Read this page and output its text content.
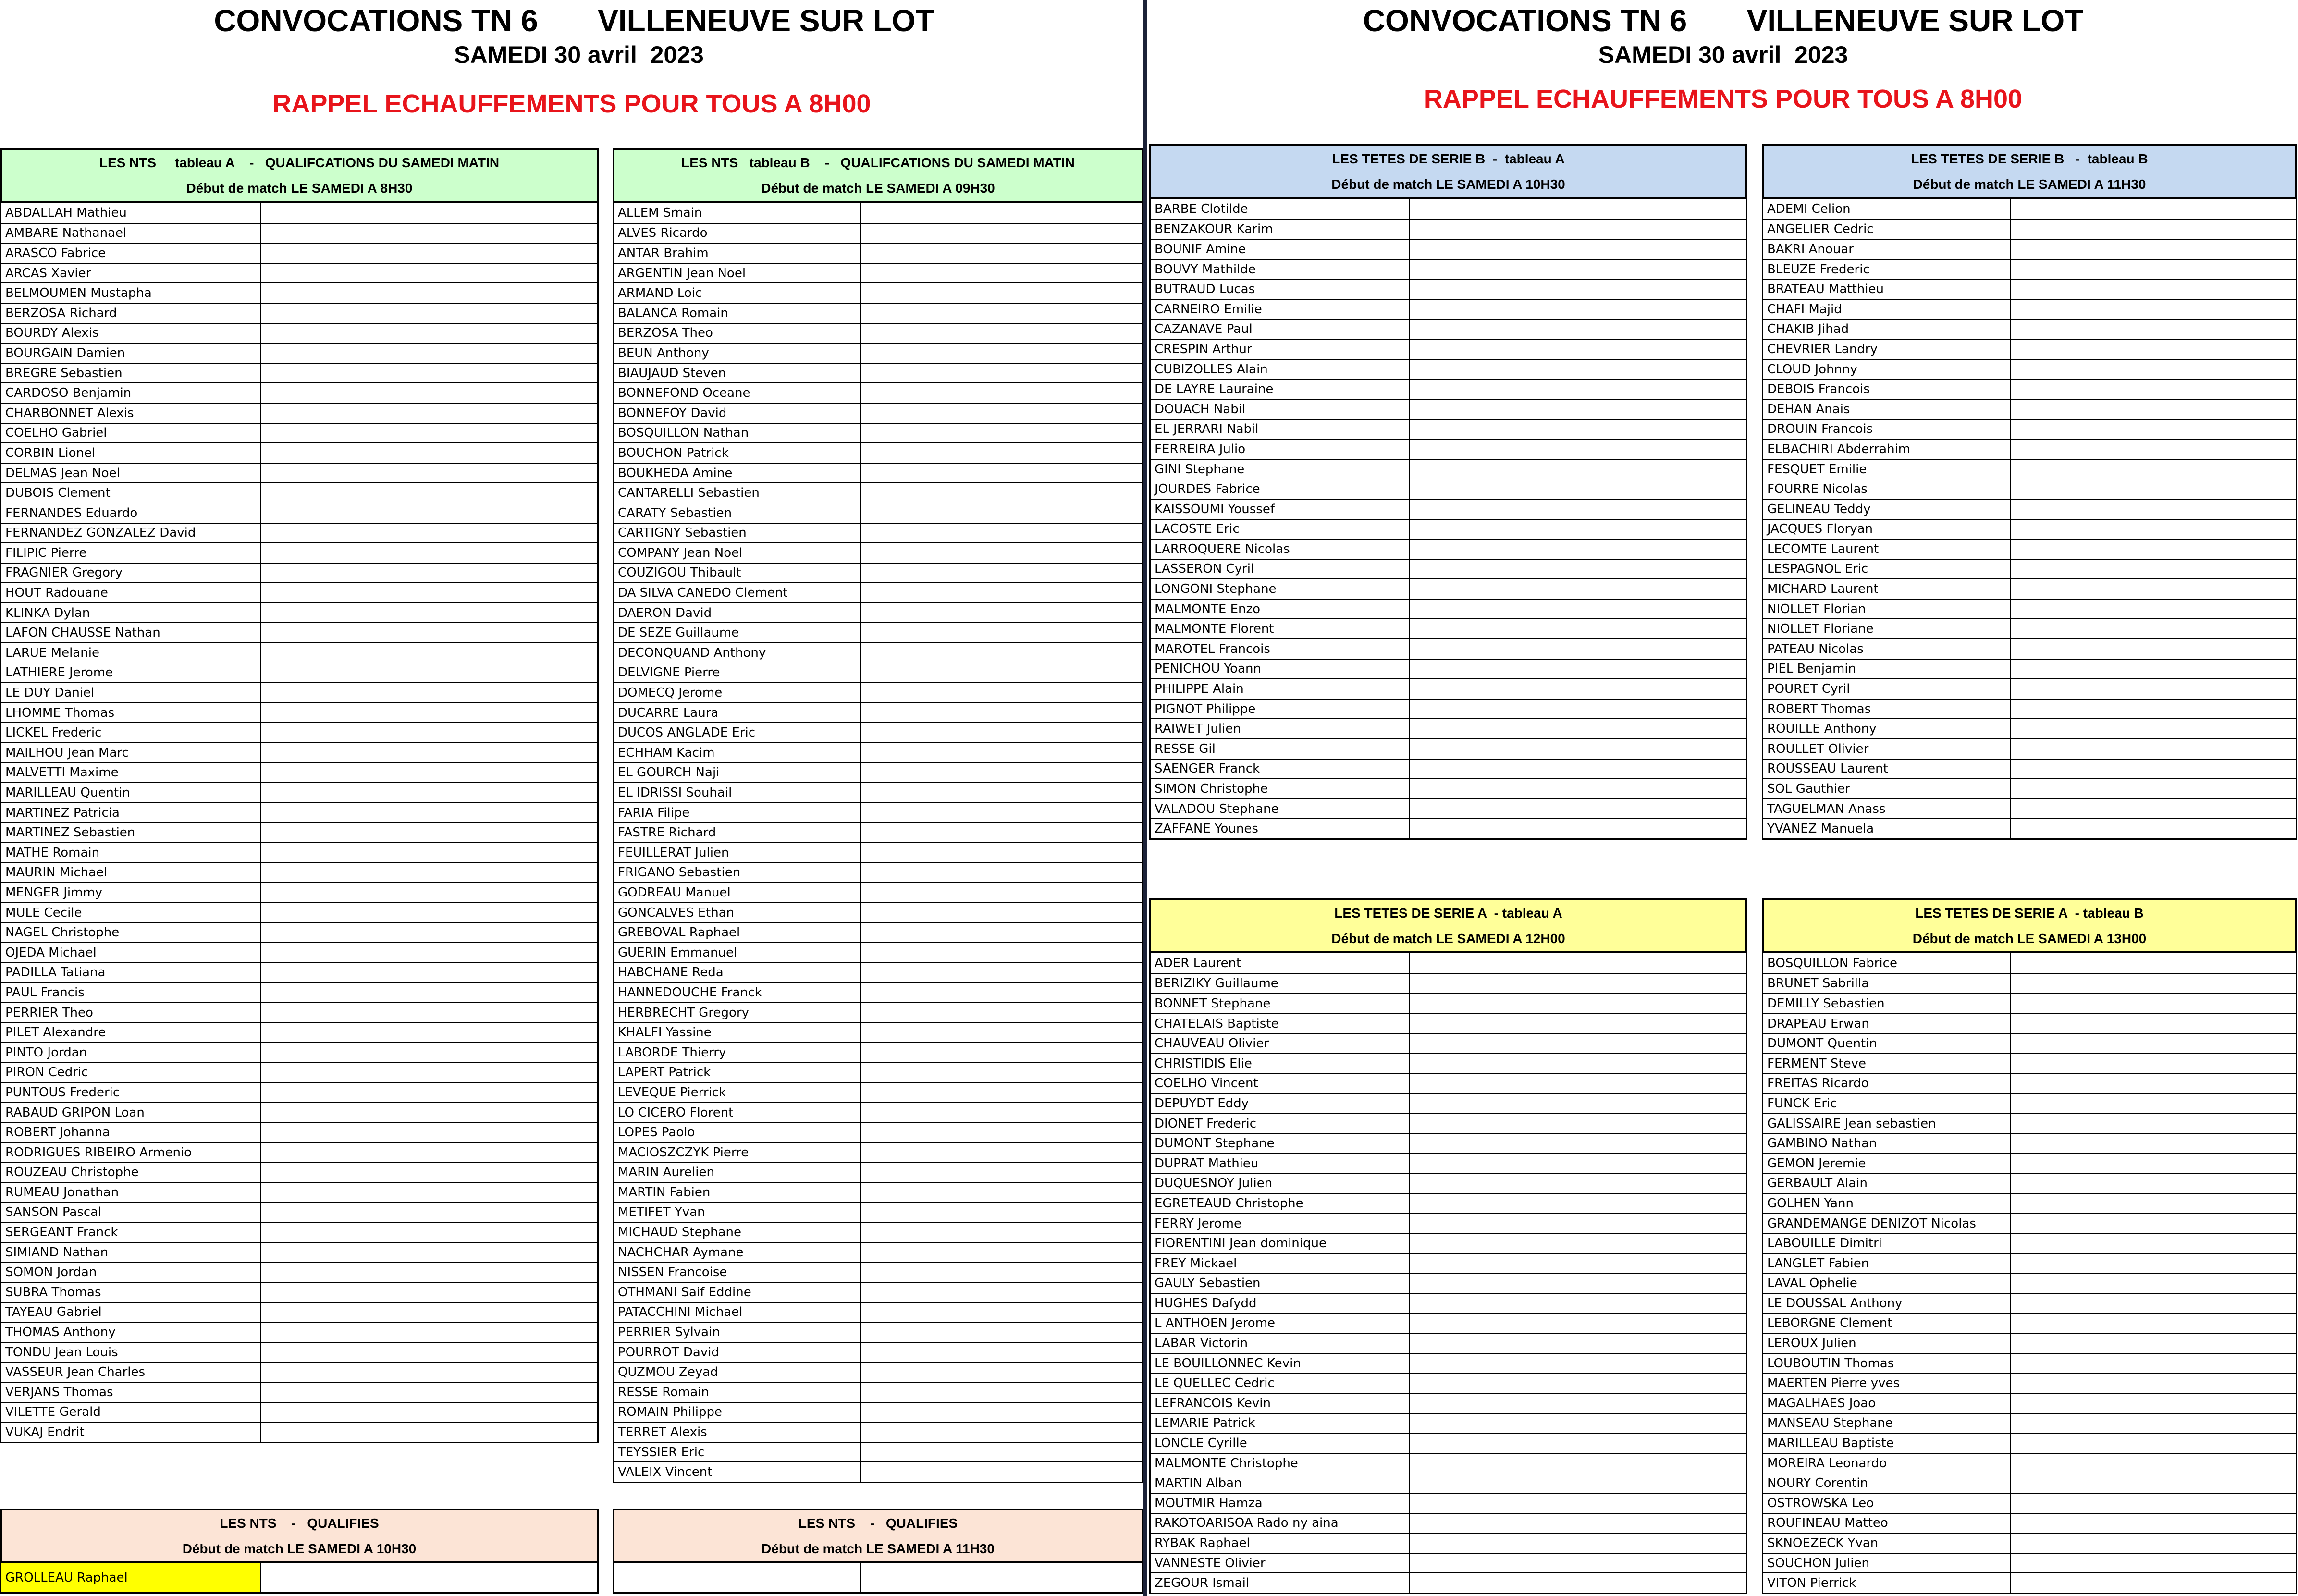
CONVOCATIONS TN 6       VILLENEUVE SUR LOT
SAMEDI 30 avril  2023
RAPPEL ECHAUFFEMENTS POUR TOUS A 8H00
CONVOCATIONS TN 6       VILLENEUVE SUR LOT
SAMEDI 30 avril  2023
RAPPEL ECHAUFFEMENTS POUR TOUS A 8H00
LES NTS     tableau A    -   QUALIFCATIONS DU SAMEDI MATIN
Début de match LE SAMEDI A 8H30
ABDALLAH Mathieu
AMBARE Nathanael
ARASCO Fabrice
ARCAS Xavier
BELMOUMEN Mustapha
BERZOSA Richard
BOURDY Alexis
BOURGAIN Damien
BREGRE Sebastien
CARDOSO Benjamin
CHARBONNET Alexis
COELHO Gabriel
CORBIN Lionel
DELMAS Jean Noel
DUBOIS Clement
FERNANDES Eduardo
FERNANDEZ GONZALEZ David
FILIPIC Pierre
FRAGNIER Gregory
HOUT Radouane
KLINKA Dylan
LAFON CHAUSSE Nathan
LARUE Melanie
LATHIERE Jerome
LE DUY Daniel
LHOMME Thomas
LICKEL Frederic
MAILHOU Jean Marc
MALVETTI Maxime
MARILLEAU Quentin
MARTINEZ Patricia
MARTINEZ Sebastien
MATHE Romain
MAURIN Michael
MENGER Jimmy
MULE Cecile
NAGEL Christophe
OJEDA Michael
PADILLA Tatiana
PAUL Francis
PERRIER Theo
PILET Alexandre
PINTO Jordan
PIRON Cedric
PUNTOUS Frederic
RABAUD GRIPON Loan
ROBERT Johanna
RODRIGUES RIBEIRO Armenio
ROUZEAU Christophe
RUMEAU Jonathan
SANSON Pascal
SERGEANT Franck
SIMIAND Nathan
SOMON Jordan
SUBRA Thomas
TAYEAU Gabriel
THOMAS Anthony
TONDU Jean Louis
VASSEUR Jean Charles
VERJANS Thomas
VILETTE Gerald
VUKAJ Endrit
LES NTS   tableau B    -   QUALIFCATIONS DU SAMEDI MATIN
Début de match LE SAMEDI A 09H30
ALLEM Smain
ALVES Ricardo
ANTAR Brahim
ARGENTIN Jean Noel
ARMAND Loic
BALANCA Romain
BERZOSA Theo
BEUN Anthony
BIAUJAUD Steven
BONNEFOND Oceane
BONNEFOY David
BOSQUILLON Nathan
BOUCHON Patrick
BOUKHEDA Amine
CANTARELLI Sebastien
CARATY Sebastien
CARTIGNY Sebastien
COMPANY Jean Noel
COUZIGOU Thibault
DA SILVA CANEDO Clement
DAERON David
DE SEZE Guillaume
DECONQUAND Anthony
DELVIGNE Pierre
DOMECQ Jerome
DUCARRE Laura
DUCOS ANGLADE Eric
ECHHAM Kacim
EL GOURCH Naji
EL IDRISSI Souhail
FARIA Filipe
FASTRE Richard
FEUILLERAT Julien
FRIGANO Sebastien
GODREAU Manuel
GONCALVES Ethan
GREBOVAL Raphael
GUERIN Emmanuel
HABCHANE Reda
HANNEDOUCHE Franck
HERBRECHT Gregory
KHALFI Yassine
LABORDE Thierry
LAPERT Patrick
LEVEQUE Pierrick
LO CICERO Florent
LOPES Paolo
MACIOSZCZYK Pierre
MARIN Aurelien
MARTIN Fabien
METIFET Yvan
MICHAUD Stephane
NACHCHAR Aymane
NISSEN Francoise
OTHMANI Saif Eddine
PATACCHINI Michael
PERRIER Sylvain
POURROT David
QUZMOU Zeyad
RESSE Romain
ROMAIN Philippe
TERRET Alexis
TEYSSIER Eric
VALEIX Vincent
LES TETES DE SERIE B  -  tableau A
Début de match LE SAMEDI A 10H30
BARBE Clotilde
BENZAKOUR Karim
BOUNIF Amine
BOUVY Mathilde
BUTRAUD Lucas
CARNEIRO Emilie
CAZANAVE Paul
CRESPIN Arthur
CUBIZOLLES Alain
DE LAYRE Lauraine
DOUACH Nabil
EL JERRARI Nabil
FERREIRA Julio
GINI Stephane
JOURDES Fabrice
KAISSOUMI Youssef
LACOSTE Eric
LARROQUERE Nicolas
LASSERON Cyril
LONGONI Stephane
MALMONTE Enzo
MALMONTE Florent
MAROTEL Francois
PENICHOU Yoann
PHILIPPE Alain
PIGNOT Philippe
RAIWET Julien
RESSE Gil
SAENGER Franck
SIMON Christophe
VALADOU Stephane
ZAFFANE Younes
LES TETES DE SERIE B   -  tableau B
Début de match LE SAMEDI A 11H30
ADEMI Celion
ANGELIER Cedric
BAKRI Anouar
BLEUZE Frederic
BRATEAU Matthieu
CHAFI Majid
CHAKIB Jihad
CHEVRIER Landry
CLOUD Johnny
DEBOIS Francois
DEHAN Anais
DROUIN Francois
ELBACHIRI Abderrahim
FESQUET Emilie
FOURRE Nicolas
GELINEAU Teddy
JACQUES Floryan
LECOMTE Laurent
LESPAGNOL Eric
MICHARD Laurent
NIOLLET Florian
NIOLLET Floriane
PATEAU Nicolas
PIEL Benjamin
POURET Cyril
ROBERT Thomas
ROUILLE Anthony
ROULLET Olivier
ROUSSEAU Laurent
SOL Gauthier
TAGUELMAN Anass
YVANEZ Manuela
LES TETES DE SERIE A  - tableau A
Début de match LE SAMEDI A 12H00
ADER Laurent
BERIZIKY Guillaume
BONNET Stephane
CHATELAIS Baptiste
CHAUVEAU Olivier
CHRISTIDIS Elie
COELHO Vincent
DEPUYDT Eddy
DIONET Frederic
DUMONT Stephane
DUPRAT Mathieu
DUQUESNOY Julien
EGRETEAUD Christophe
FERRY Jerome
FIORENTINI Jean dominique
FREY Mickael
GAULY Sebastien
HUGHES Dafydd
L ANTHOEN Jerome
LABAR Victorin
LE BOUILLONNEC Kevin
LE QUELLEC Cedric
LEFRANCOIS Kevin
LEMARIE Patrick
LONCLE Cyrille
MALMONTE Christophe
MARTIN Alban
MOUTMIR Hamza
RAKOTOARISOA Rado ny aina
RYBAK Raphael
VANNESTE Olivier
ZEGOUR Ismail
LES TETES DE SERIE A  - tableau B
Début de match LE SAMEDI A 13H00
BOSQUILLON Fabrice
BRUNET Sabrilla
DEMILLY Sebastien
DRAPEAU Erwan
DUMONT Quentin
FERMENT Steve
FREITAS Ricardo
FUNCK Eric
GALISSAIRE Jean sebastien
GAMBINO Nathan
GEMON Jeremie
GERBAULT Alain
GOLHEN Yann
GRANDEMANGE DENIZOT Nicolas
LABOUILLE Dimitri
LANGLET Fabien
LAVAL Ophelie
LE DOUSSAL Anthony
LEBORGNE Clement
LEROUX Julien
LOUBOUTIN Thomas
MAERTEN Pierre yves
MAGALHAES Joao
MANSEAU Stephane
MARILLEAU Baptiste
MOREIRA Leonardo
NOURY Corentin
OSTROWSKA Leo
ROUFINEAU Matteo
SKNOEZECK Yvan
SOUCHON Julien
VITON Pierrick
LES NTS    -   QUALIFIES
Début de match LE SAMEDI A 10H30
GROLLEAU Raphael
LES NTS    -   QUALIFIES
Début de match LE SAMEDI A 11H30
